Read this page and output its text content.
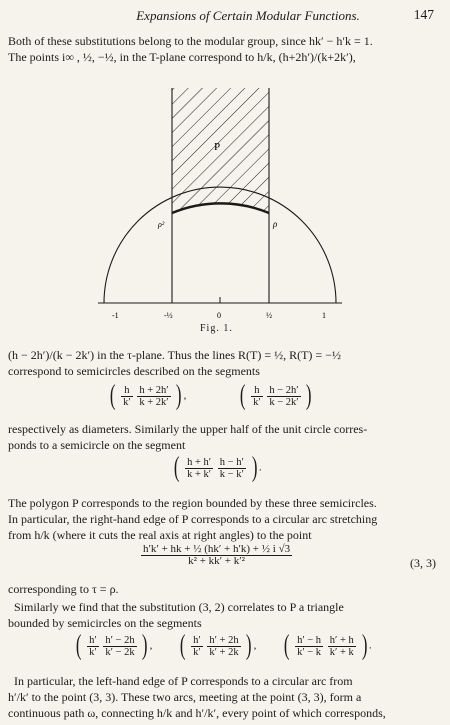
Expansions of Certain Modular Functions.	147
Both of these substitutions belong to the modular group, since hk′ − h′k = 1.
The points i∞ , ½, −½, in the T-plane correspond to h/k, (h+2h′)/(k+2k′),
P
ρ²	ρ
-1	-½	0	½	1
Fig. 1.
(h − 2h′)/(k − 2k′) in the τ-plane. Thus the lines R(T) = ½, R(T) = −½
correspond to semicircles described on the segments
( $\frac{h}{k'}$
$\frac{h + 2h'}{k + 2k'}$ ) , ( $\frac{h}{k'}$
$\frac{h - 2h'}{k - 2k'}$ )
respectively as diameters. Similarly the upper half of the unit circle corres-
ponds to a semicircle on the segment
( $\frac{h + h'}{k + k'}$
$\frac{h - h'}{k - k'}$ ) .
The polygon P corresponds to the region bounded by these three semicircles.
In particular, the right-hand edge of P corresponds to a circular arc stretching
from h/k (where it cuts the real axis at right angles) to the point
$\frac{\text{h′k′ + hk + ½ (hk′ + h′k) + ½ i √3}}{\text{k² + kk′ + k′²}}$	(3, 3)
corresponding to τ = ρ.
Similarly we find that the substitution (3, 2) correlates to P a triangle
bounded by semicircles on the segments
( $\frac{h'}{k'}$
$\frac{h' - 2h}{k' - 2k}$ ) , ( $\frac{h'}{k'}$
$\frac{h' + 2h}{k' + 2k}$ ) , ( $\frac{h' - h}{k' - k}$
$\frac{h' + h}{k' + k}$ ) .
In particular, the left-hand edge of P corresponds to a circular arc from
h′/k′ to the point (3, 3). These two arcs, meeting at the point (3, 3), form a
continuous path ω, connecting h/k and h′/k′, every point of which corresponds,
